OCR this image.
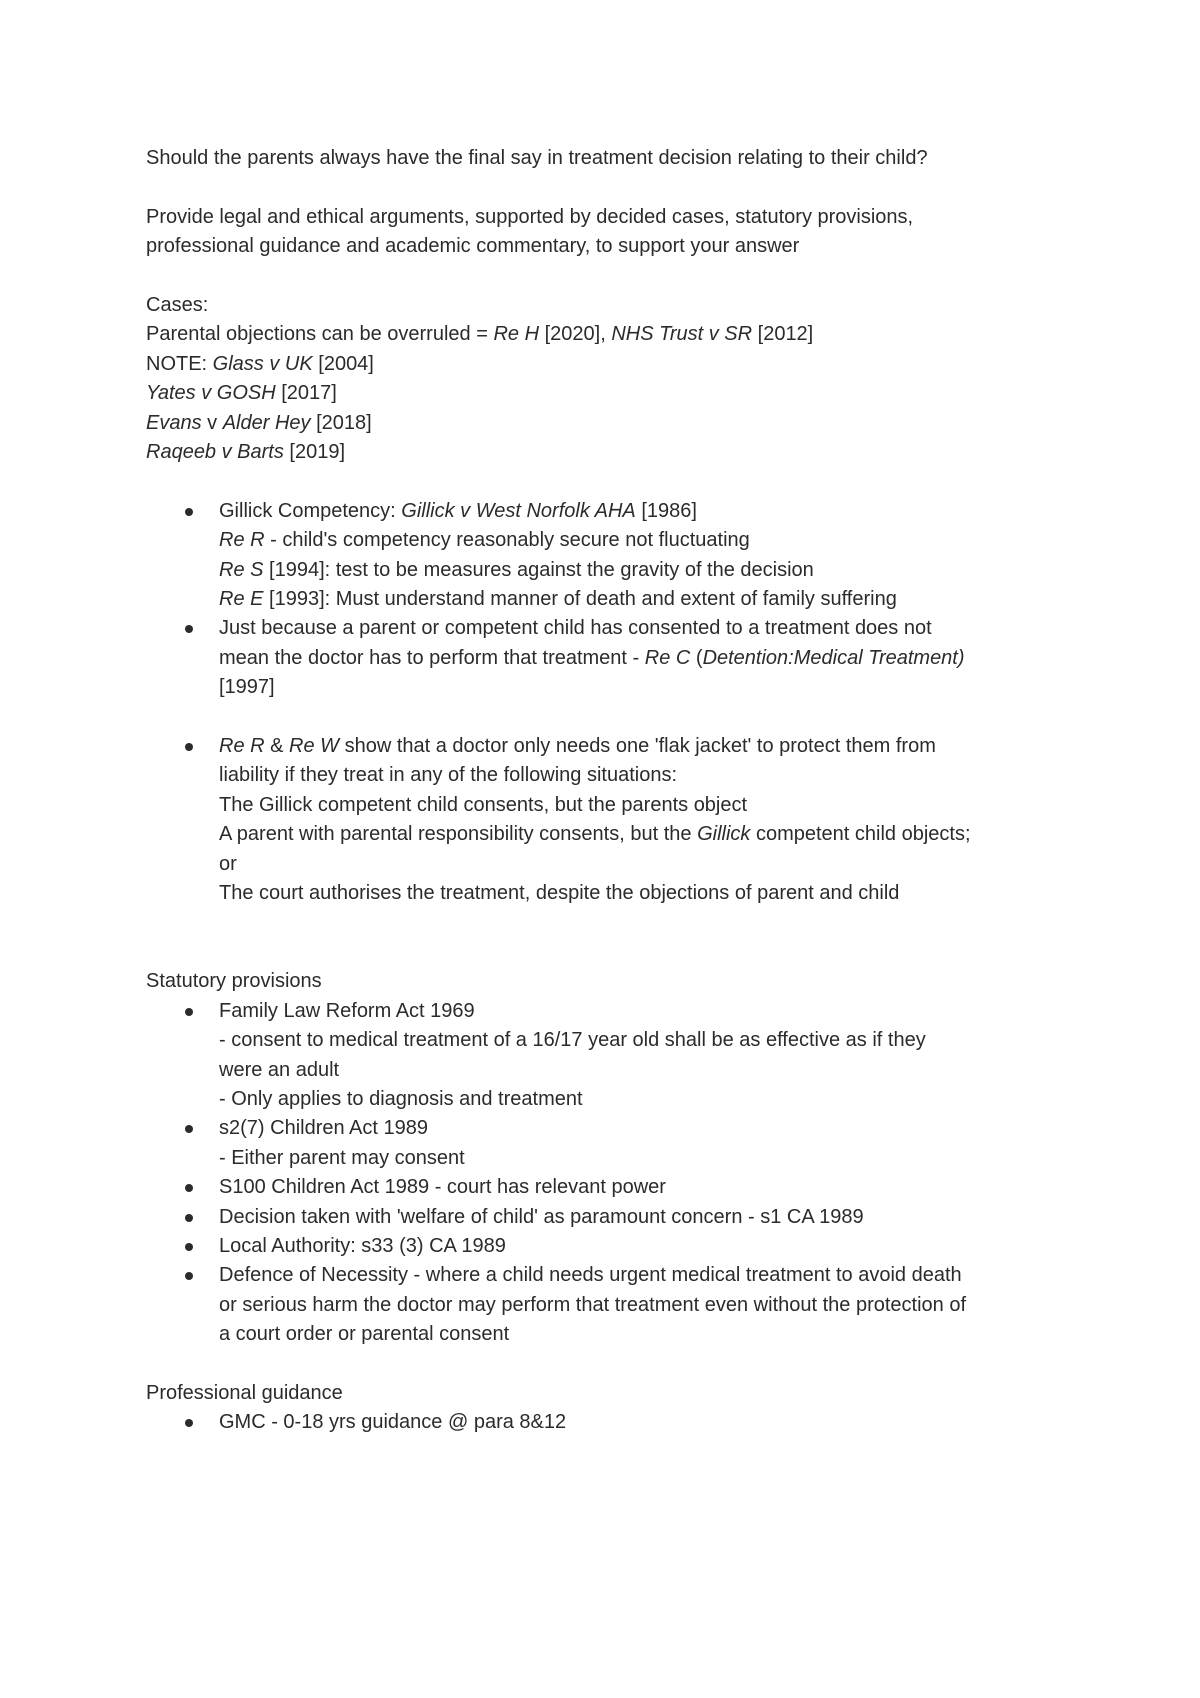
Should the parents always have the final say in treatment decision relating to their child?

Provide legal and ethical arguments, supported by decided cases, statutory provisions,
professional guidance and academic commentary, to support your answer
Cases:
Parental objections can be overruled = Re H [2020], NHS Trust v SR [2012]
NOTE: Glass v UK [2004]
Yates v GOSH [2017]
Evans v Alder Hey [2018]
Raqeeb v Barts [2019]
Gillick Competency: Gillick v West Norfolk AHA [1986]
Re R - child's competency reasonably secure not fluctuating
Re S [1994]: test to be measures against the gravity of the decision
Re E [1993]: Must understand manner of death and extent of family suffering
Just because a parent or competent child has consented to a treatment does not
mean the doctor has to perform that treatment - Re C (Detention:Medical Treatment)
[1997]
Re R & Re W show that a doctor only needs one 'flak jacket' to protect them from
liability if they treat in any of the following situations:
The Gillick competent child consents, but the parents object
A parent with parental responsibility consents, but the Gillick competent child objects;
or
The court authorises the treatment, despite the objections of parent and child
Statutory provisions
Family Law Reform Act 1969
- consent to medical treatment of a 16/17 year old shall be as effective as if they
were an adult
- Only applies to diagnosis and treatment
s2(7) Children Act 1989
- Either parent may consent
S100 Children Act 1989 - court has relevant power
Decision taken with 'welfare of child' as paramount concern - s1 CA 1989
Local Authority: s33 (3) CA 1989
Defence of Necessity - where a child needs urgent medical treatment to avoid death
or serious harm the doctor may perform that treatment even without the protection of
a court order or parental consent
Professional guidance
GMC - 0-18 yrs guidance @ para 8&12
